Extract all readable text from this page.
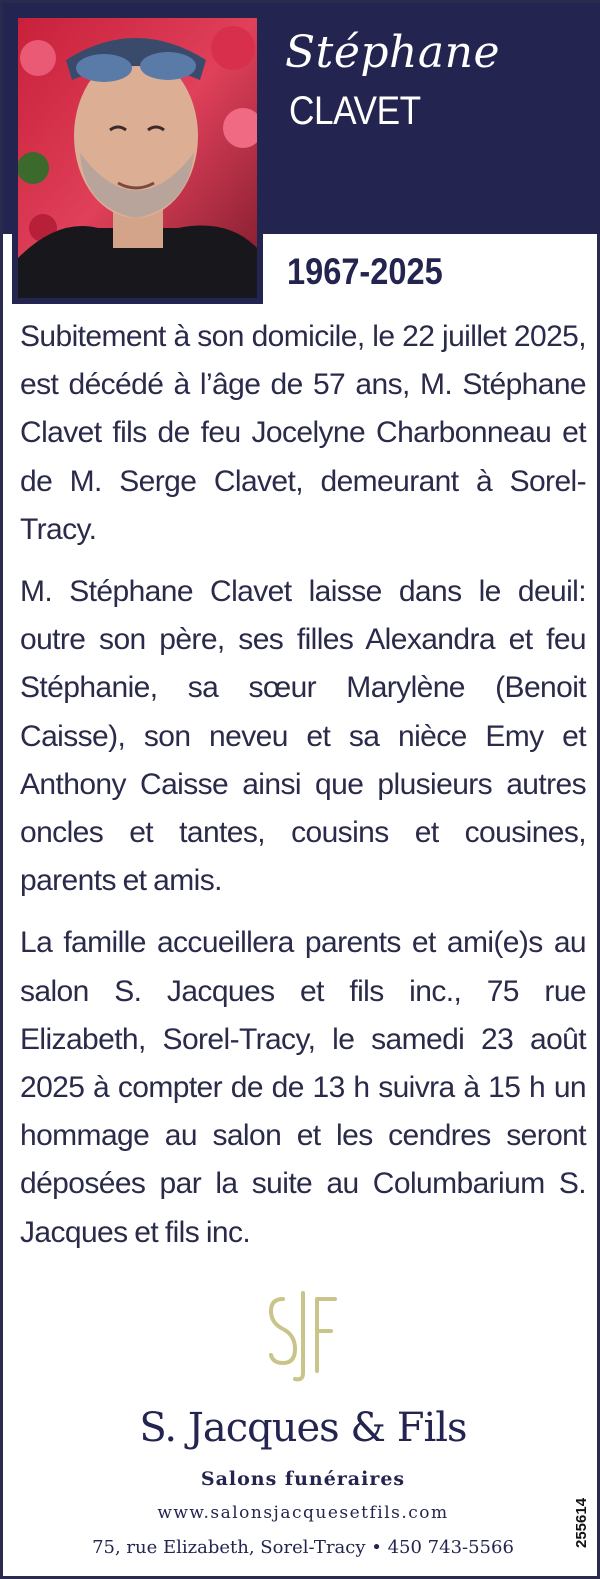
Stéphane
CLAVET
1967-2025

Subitement à son domicile, le 22 juillet 2025, est décédé à l’âge de 57 ans, M. Stéphane Clavet fils de feu Jocelyne Charbonneau et de M. Serge Clavet, demeurant à Sorel-Tracy.

M. Stéphane Clavet laisse dans le deuil: outre son père, ses filles Alexandra et feu Stéphanie, sa sœur Marylène (Benoit Caisse), son neveu et sa nièce Emy et Anthony Caisse ainsi que plusieurs autres oncles et tantes, cousins et cousines, parents et amis.

La famille accueillera parents et ami(e)s au salon S. Jacques et fils inc., 75 rue Elizabeth, Sorel-Tracy, le samedi 23 août 2025 à compter de de 13 h suivra à 15 h un hommage au salon et les cendres seront déposées par la suite au Columbarium S. Jacques et fils inc.

S. Jacques & Fils
Salons funéraires
www.salonsjacquesetfils.com
75, rue Elizabeth, Sorel-Tracy • 450 743-5566	255614
